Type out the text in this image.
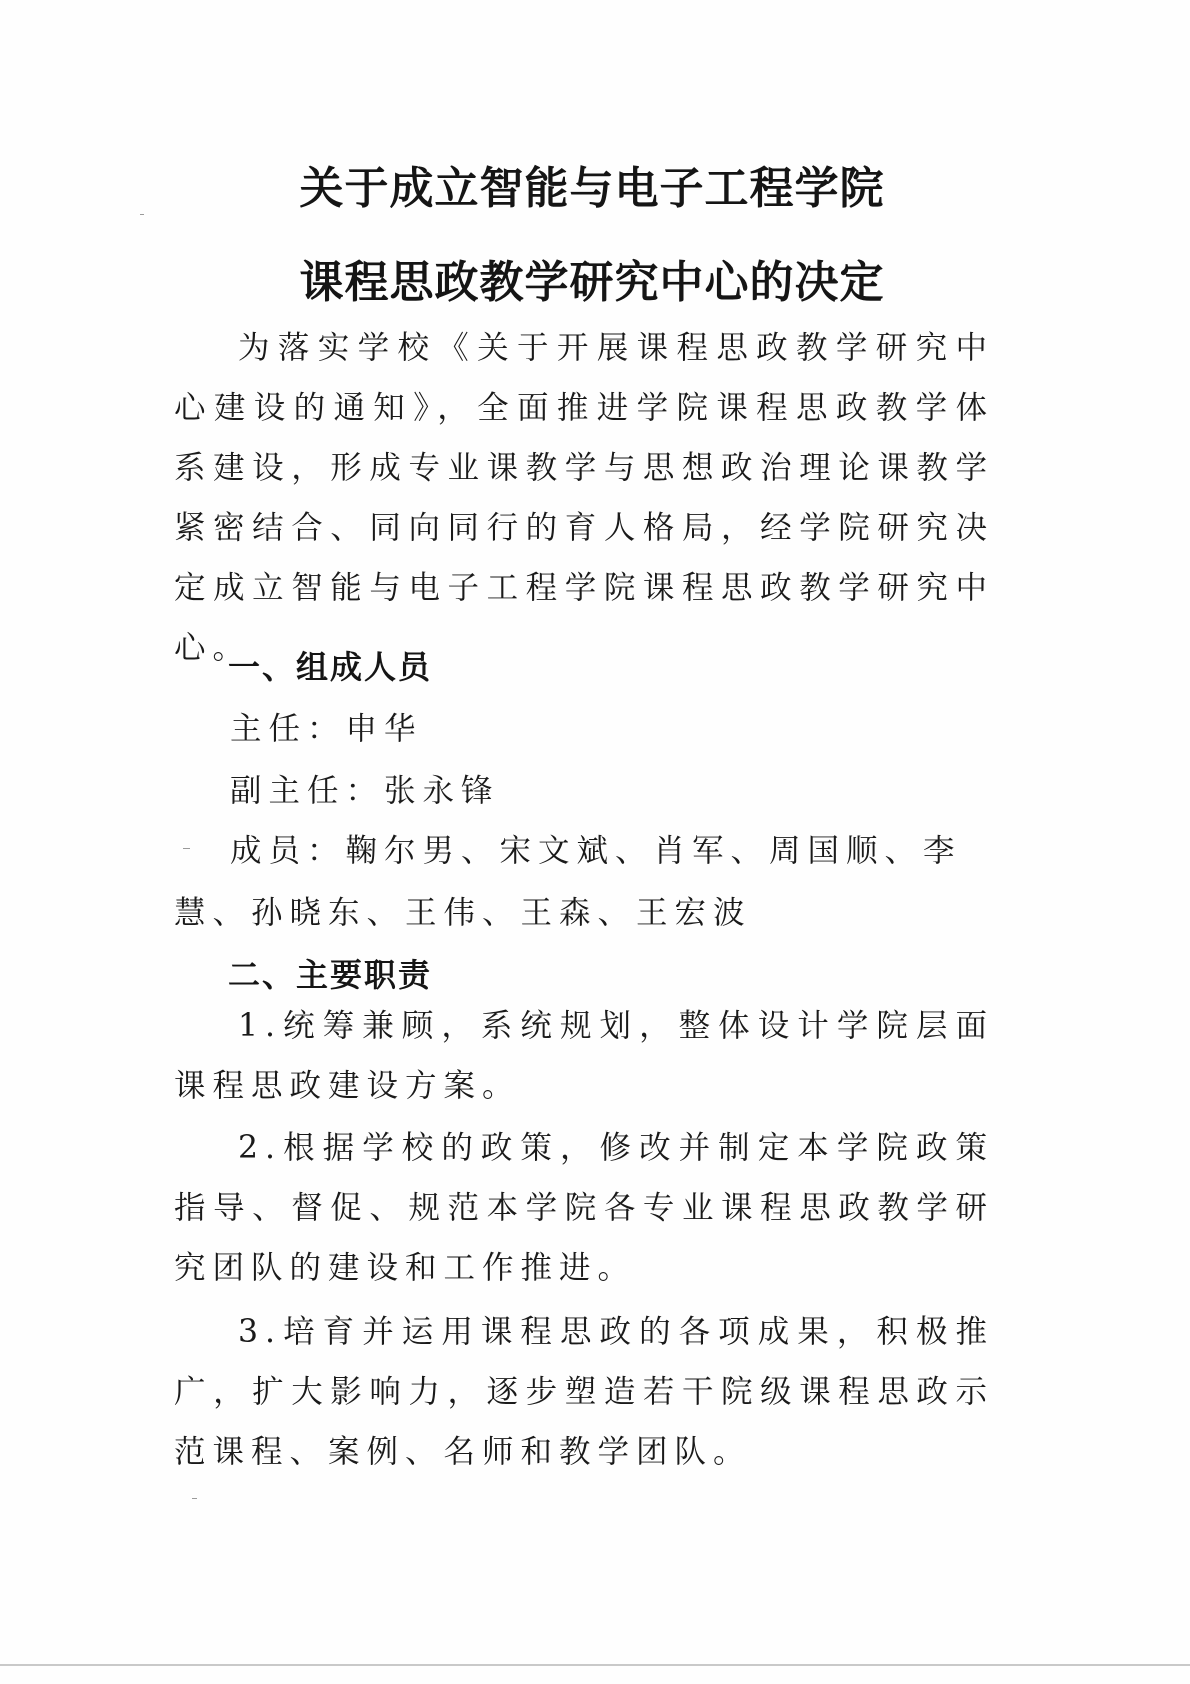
关于成立智能与电子工程学院
课程思政教学研究中心的决定

为落实学校《关于开展课程思政教学研究中心建设的通知》，全面推进学院课程思政教学体系建设，形成专业课教学与思想政治理论课教学紧密结合、同向同行的育人格局，经学院研究决定成立智能与电子工程学院课程思政教学研究中心。

一、组成人员
主任：申华
副主任：张永锋

成员：鞠尔男、宋文斌、肖军、周国顺、李慧、孙晓东、王伟、王森、王宏波

二、主要职责

1.统筹兼顾，系统规划，整体设计学院层面课程思政建设方案。

2.根据学校的政策，修改并制定本学院政策指导、督促、规范本学院各专业课程思政教学研究团队的建设和工作推进。

3.培育并运用课程思政的各项成果，积极推广，扩大影响力，逐步塑造若干院级课程思政示范课程、案例、名师和教学团队。
